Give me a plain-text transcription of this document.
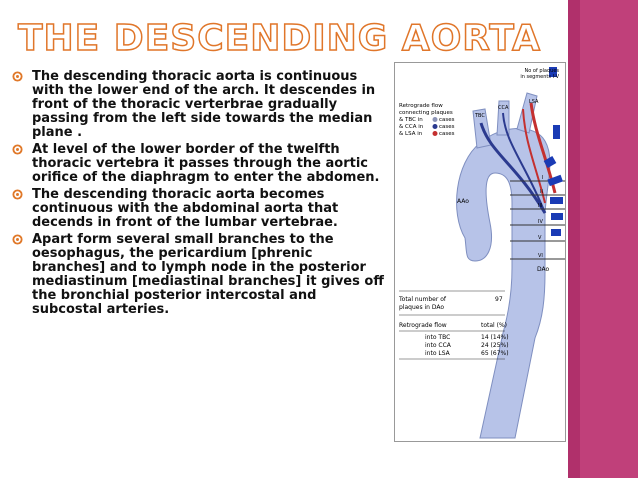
THE DESCENDING AORTA
The descending thoracic aorta is continuous with the lower end of the arch. It descendes in front of the thoracic verterbrae gradually passing from the left side towards the median plane .
At level of the lower border of the twelfth thoracic vertebra it passes through the aortic orifice of the diaphragm to enter the abdomen.
The descending thoracic aorta becomes continuous with the abdominal aorta that decends in front of the lumbar vertebrae.
Apart form several small branches to the oesophagus, the pericardium [phrenic branches] and to lymph node in the posterior mediastinum [mediastinal branches] it gives off the bronchial posterior intercostal and subcostal arteries.
No of plaques
in segments I-V
Retrograde flow
connecting plaques
& TBC in	cases
& CCA in	cases
& LSA in	cases
TBC
CCA
LSA
I
II
III
IV
V
VI
AAo
DAo
Total number of
plaques in DAo
97
Retrograde flow	total (%)
into TBC	14 (14%)
into CCA	24 (25%)
into LSA	65 (67%)
